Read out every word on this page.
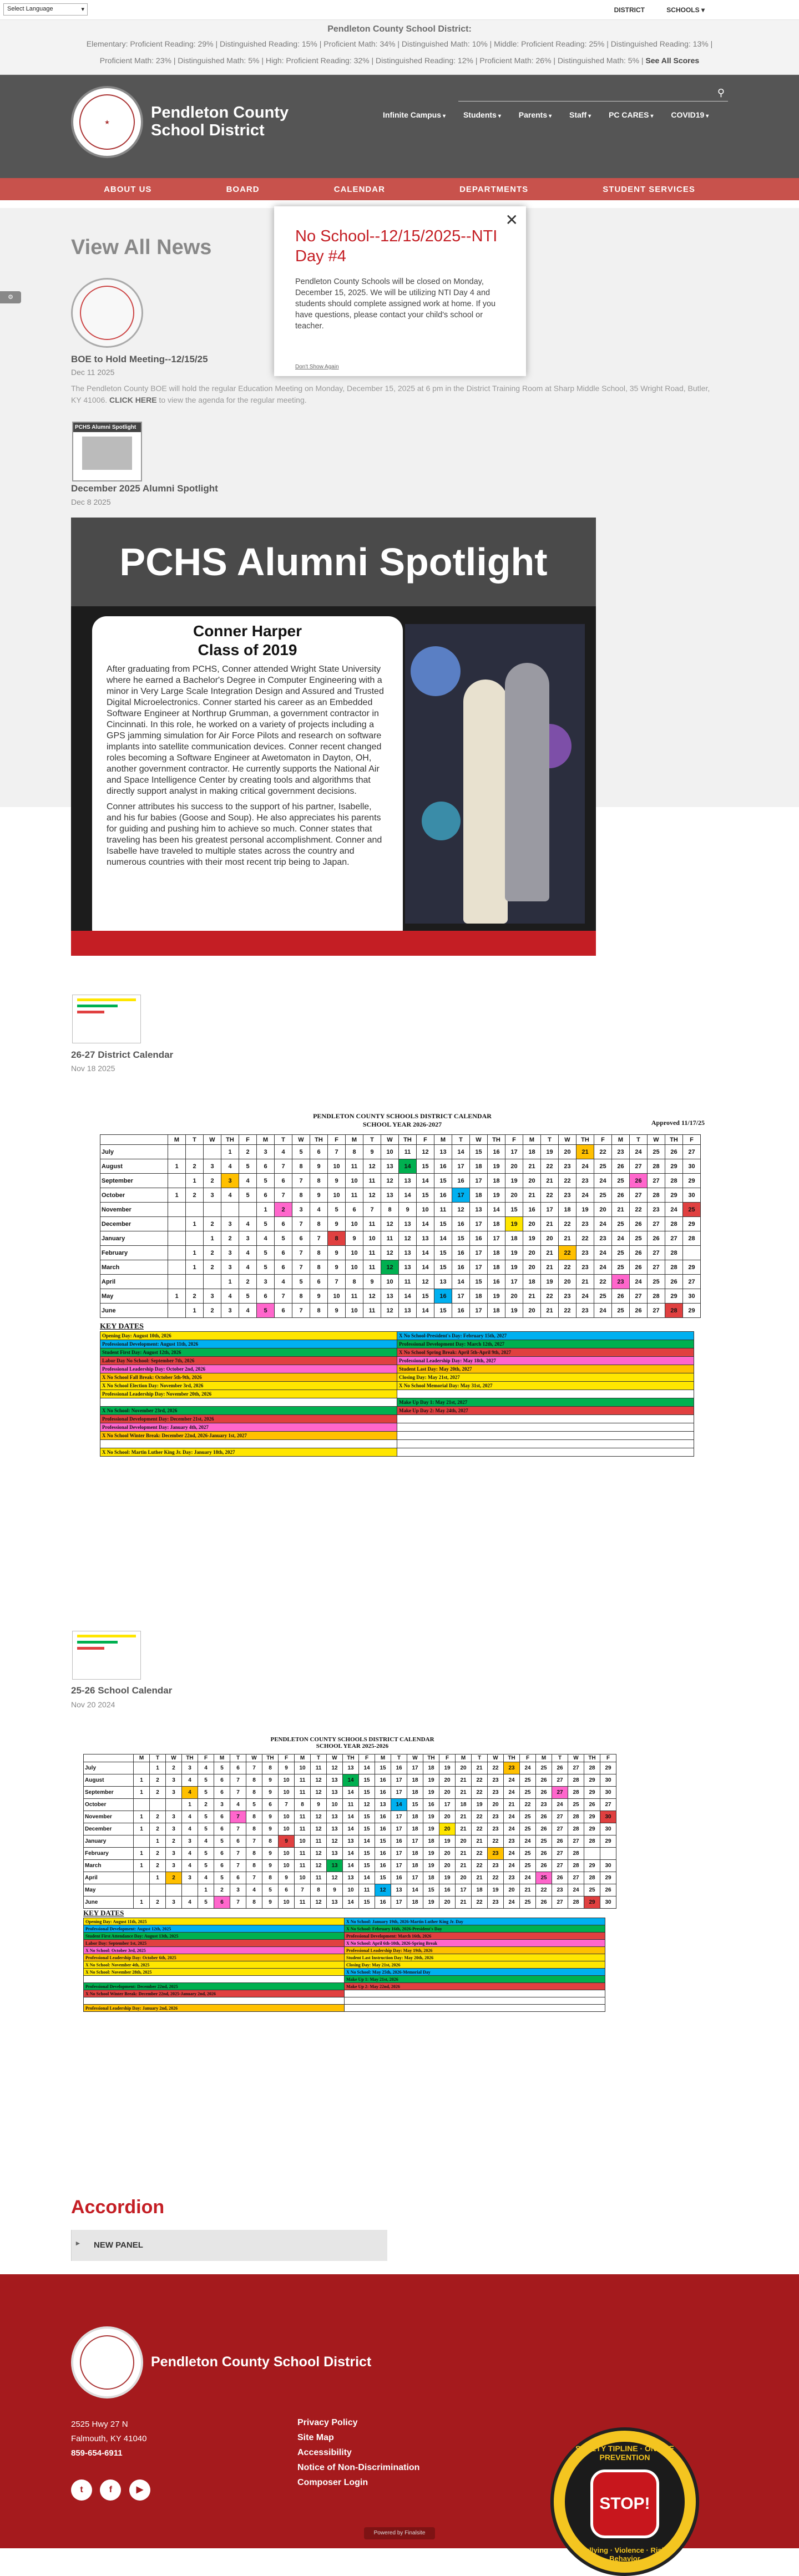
Select Language ▾	DISTRICT	SCHOOLS ▾
Pendleton County School District:
Elementary: Proficient Reading: 29% | Distinguished Reading: 15% | Proficient Math: 34% | Distinguished Math: 10% | Middle: Proficient Reading: 25% | Distinguished Reading: 13% |
Proficient Math: 23% | Distinguished Math: 5% | High: Proficient Reading: 32% | Distinguished Reading: 12% | Proficient Math: 26% | Distinguished Math: 5% | See All Scores
★
Pendleton County School District
⚲
Infinite Campus ▾ Students ▾ Parents ▾ Staff ▾ PC CARES ▾ COVID19 ▾
ABOUT US	BOARD	CALENDAR	DEPARTMENTS	STUDENT SERVICES
View All News
⚙
BOE to Hold Meeting--12/15/25
Dec 11 2025
The Pendleton County BOE will hold the regular Education Meeting on Monday, December 15, 2025 at 6 pm in the District Training Room at Sharp Middle School, 35 Wright Road, Butler, KY 41006. CLICK HERE to view the agenda for the regular meeting.
PCHS Alumni Spotlight
December 2025 Alumni Spotlight
Dec 8 2025
PCHS Alumni Spotlight
Conner Harper
Class of 2019
After graduating from PCHS, Conner attended Wright State University where he earned a Bachelor's Degree in Computer Engineering with a minor in Very Large Scale Integration Design and Assured and Trusted Digital Microelectronics. Conner started his career as an Embedded Software Engineer at Northrup Grumman, a government contractor in Cincinnati. In this role, he worked on a variety of projects including a GPS jamming simulation for Air Force Pilots and research on software implants into satellite communication devices. Conner recent changed roles becoming a Software Engineer at Awetomaton in Dayton, OH, another government contractor. He currently supports the National Air and Space Intelligence Center by creating tools and algorithms that directly support analyst in making critical government decisions.
Conner attributes his success to the support of his partner, Isabelle, and his fur babies (Goose and Soup). He also appreciates his parents for guiding and pushing him to achieve so much. Conner states that traveling has been his greatest personal accomplishment. Conner and Isabelle have traveled to multiple states across the country and numerous countries with their most recent trip being to Japan.
26-27 District Calendar
Nov 18 2025
PENDLETON COUNTY SCHOOLS DISTRICT CALENDAR
SCHOOL YEAR 2026-2027	Approved 11/17/25
	M	T	W	TH	F	M	T	W	TH	F	M	T	W	TH	F	M	T	W	TH	F	M	T	W	TH	F	M	T	W	TH	F
July				1	2	3	4	5	6	7	8	9	10	11	12	13	14	15	16	17	18	19	20	21	22	23	24	25	26	27
August	1	2	3	4	5	6	7	8	9	10	11	12	13	14	15	16	17	18	19	20	21	22	23	24	25	26	27	28	29	30
September		1	2	3	4	5	6	7	8	9	10	11	12	13	14	15	16	17	18	19	20	21	22	23	24	25	26	27	28	29
October	1	2	3	4	5	6	7	8	9	10	11	12	13	14	15	16	17	18	19	20	21	22	23	24	25	26	27	28	29	30
November						1	2	3	4	5	6	7	8	9	10	11	12	13	14	15	16	17	18	19	20	21	22	23	24	25
December		1	2	3	4	5	6	7	8	9	10	11	12	13	14	15	16	17	18	19	20	21	22	23	24	25	26	27	28	29
January			1	2	3	4	5	6	7	8	9	10	11	12	13	14	15	16	17	18	19	20	21	22	23	24	25	26	27	28
February		1	2	3	4	5	6	7	8	9	10	11	12	13	14	15	16	17	18	19	20	21	22	23	24	25	26	27	28	
March		1	2	3	4	5	6	7	8	9	10	11	12	13	14	15	16	17	18	19	20	21	22	23	24	25	26	27	28	29
April				1	2	3	4	5	6	7	8	9	10	11	12	13	14	15	16	17	18	19	20	21	22	23	24	25	26	27
May	1	2	3	4	5	6	7	8	9	10	11	12	13	14	15	16	17	18	19	20	21	22	23	24	25	26	27	28	29	30
June		1	2	3	4	5	6	7	8	9	10	11	12	13	14	15	16	17	18	19	20	21	22	23	24	25	26	27	28	29
KEY DATES
Opening Day: August 10th, 2026	X No School-President's Day: February 15th, 2027
Professional Development: August 11th, 2026	Professional Development Day: March 12th, 2027
Student First Day: August 12th, 2026	X No School Spring Break: April 5th-April 9th, 2027
Labor Day No School: September 7th, 2026	Professional Leadership Day: May 18th, 2027
Professional Leadership Day: October 2nd, 2026	Student Last Day: May 20th, 2027
X No School Fall Break: October 5th-9th, 2026	Closing Day: May 21st, 2027
X No School Election Day: November 3rd, 2026	X No School Memorial Day: May 31st, 2027
Professional Leadership Day: November 20th, 2026	
	Make Up Day 1: May 21st, 2027
X No School: November 23rd, 2026	Make Up Day 2: May 24th, 2027
Professional Development Day: December 21st, 2026	
Professional Development Day: January 4th, 2027	
X No School Winter Break: December 22nd, 2026-January 1st, 2027	

X No School: Martin Luther King Jr. Day: January 18th, 2027	
25-26 School Calendar
Nov 20 2024
PENDLETON COUNTY SCHOOLS DISTRICT CALENDAR
SCHOOL YEAR 2025-2026
	M	T	W	TH	F	M	T	W	TH	F	M	T	W	TH	F	M	T	W	TH	F	M	T	W	TH	F	M	T	W	TH	F
July		1	2	3	4	5	6	7	8	9	10	11	12	13	14	15	16	17	18	19	20	21	22	23	24	25	26	27	28	29
August	1	2	3	4	5	6	7	8	9	10	11	12	13	14	15	16	17	18	19	20	21	22	23	24	25	26	27	28	29	30
September	1	2	3	4	5	6	7	8	9	10	11	12	13	14	15	16	17	18	19	20	21	22	23	24	25	26	27	28	29	30
October				1	2	3	4	5	6	7	8	9	10	11	12	13	14	15	16	17	18	19	20	21	22	23	24	25	26	27
November	1	2	3	4	5	6	7	8	9	10	11	12	13	14	15	16	17	18	19	20	21	22	23	24	25	26	27	28	29	30
December	1	2	3	4	5	6	7	8	9	10	11	12	13	14	15	16	17	18	19	20	21	22	23	24	25	26	27	28	29	30
January		1	2	3	4	5	6	7	8	9	10	11	12	13	14	15	16	17	18	19	20	21	22	23	24	25	26	27	28	29
February	1	2	3	4	5	6	7	8	9	10	11	12	13	14	15	16	17	18	19	20	21	22	23	24	25	26	27	28		
March	1	2	3	4	5	6	7	8	9	10	11	12	13	14	15	16	17	18	19	20	21	22	23	24	25	26	27	28	29	30
April		1	2	3	4	5	6	7	8	9	10	11	12	13	14	15	16	17	18	19	20	21	22	23	24	25	26	27	28	29
May					1	2	3	4	5	6	7	8	9	10	11	12	13	14	15	16	17	18	19	20	21	22	23	24	25	26
June	1	2	3	4	5	6	7	8	9	10	11	12	13	14	15	16	17	18	19	20	21	22	23	24	25	26	27	28	29	30
KEY DATES
Opening Day: August 11th, 2025	X No School: January 19th, 2026-Martin Luther King Jr. Day
Professional Development: August 12th, 2025	X No School: February 16th, 2026-President's Day
Student First Attendance Day: August 13th, 2025	Professional Development: March 16th, 2026
Labor Day: September 1st, 2025	X No School: April 6th-10th, 2026-Spring Break
X No School: October 3rd, 2025	Professional Leadership Day: May 19th, 2026
Professional Leadership Day: October 6th, 2025	Student Last Instruction Day: May 20th, 2026
X No School: November 4th, 2025	Closing Day: May 21st, 2026
X No School: November 28th, 2025	X No School: May 25th, 2026-Memorial Day
	Make Up 1: May 21st, 2026
Professional Development: December 22nd, 2025	Make Up 2: May 22nd, 2026
X No School Winter Break: December 22nd, 2025-January 2nd, 2026	

Professional Leadership Day: January 2nd, 2026	
Accordion
▸ NEW PANEL
Pendleton County School District
2525 Hwy 27 N
Falmouth, KY 41040
859-654-6911
t	f	▶
Privacy Policy
Site Map
Accessibility
Notice of Non-Discrimination
Composer Login
SAFETY TIPLINE · ONLINE PREVENTION
STOP!
Bullying · Violence · Risky Behavior
Powered by Finalsite
✕
No School--12/15/2025--NTI Day #4

Pendleton County Schools will be closed on Monday, December 15, 2025. We will be utilizing NTI Day 4 and students should complete assigned work at home. If you have questions, please contact your child's school or teacher.

Don't Show Again
